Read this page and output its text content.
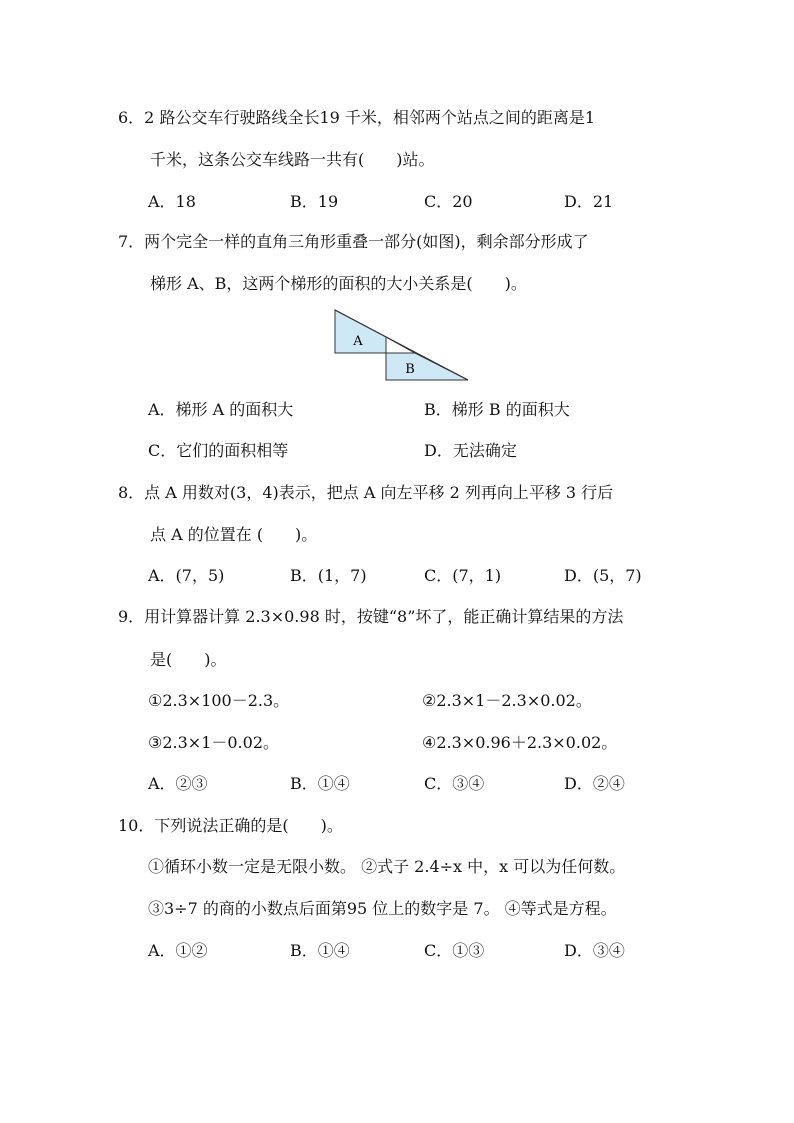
6．2 路公交车行驶路线全长19 千米，相邻两个站点之间的距离是1
千米，这条公交车线路一共有(　　)站。
A．18	B．19	C．20	D．21
7．两个完全一样的直角三角形重叠一部分(如图)，剩余部分形成了
梯形 A、B，这两个梯形的面积的大小关系是(　　)。
A
B
A．梯形 A 的面积大	B．梯形 B 的面积大
C．它们的面积相等	D．无法确定
8．点 A 用数对(3，4)表示，把点 A 向左平移 2 列再向上平移 3 行后
点 A 的位置在 (　　)。
A．(7，5)	B．(1，7)	C．(7，1)	D．(5，7)
9．用计算器计算 2.3×0.98 时，按键“8”坏了，能正确计算结果的方法
是(　　)。
①2.3×100－2.3。	②2.3×1－2.3×0.02。
③2.3×1－0.02。	④2.3×0.96＋2.3×0.02。
A．②③	B．①④	C．③④	D．②④
10．下列说法正确的是(　　)。
①循环小数一定是无限小数。 ②式子 2.4÷x 中，x 可以为任何数。
③3÷7 的商的小数点后面第95 位上的数字是 7。 ④等式是方程。
A．①②	B．①④	C．①③	D．③④
